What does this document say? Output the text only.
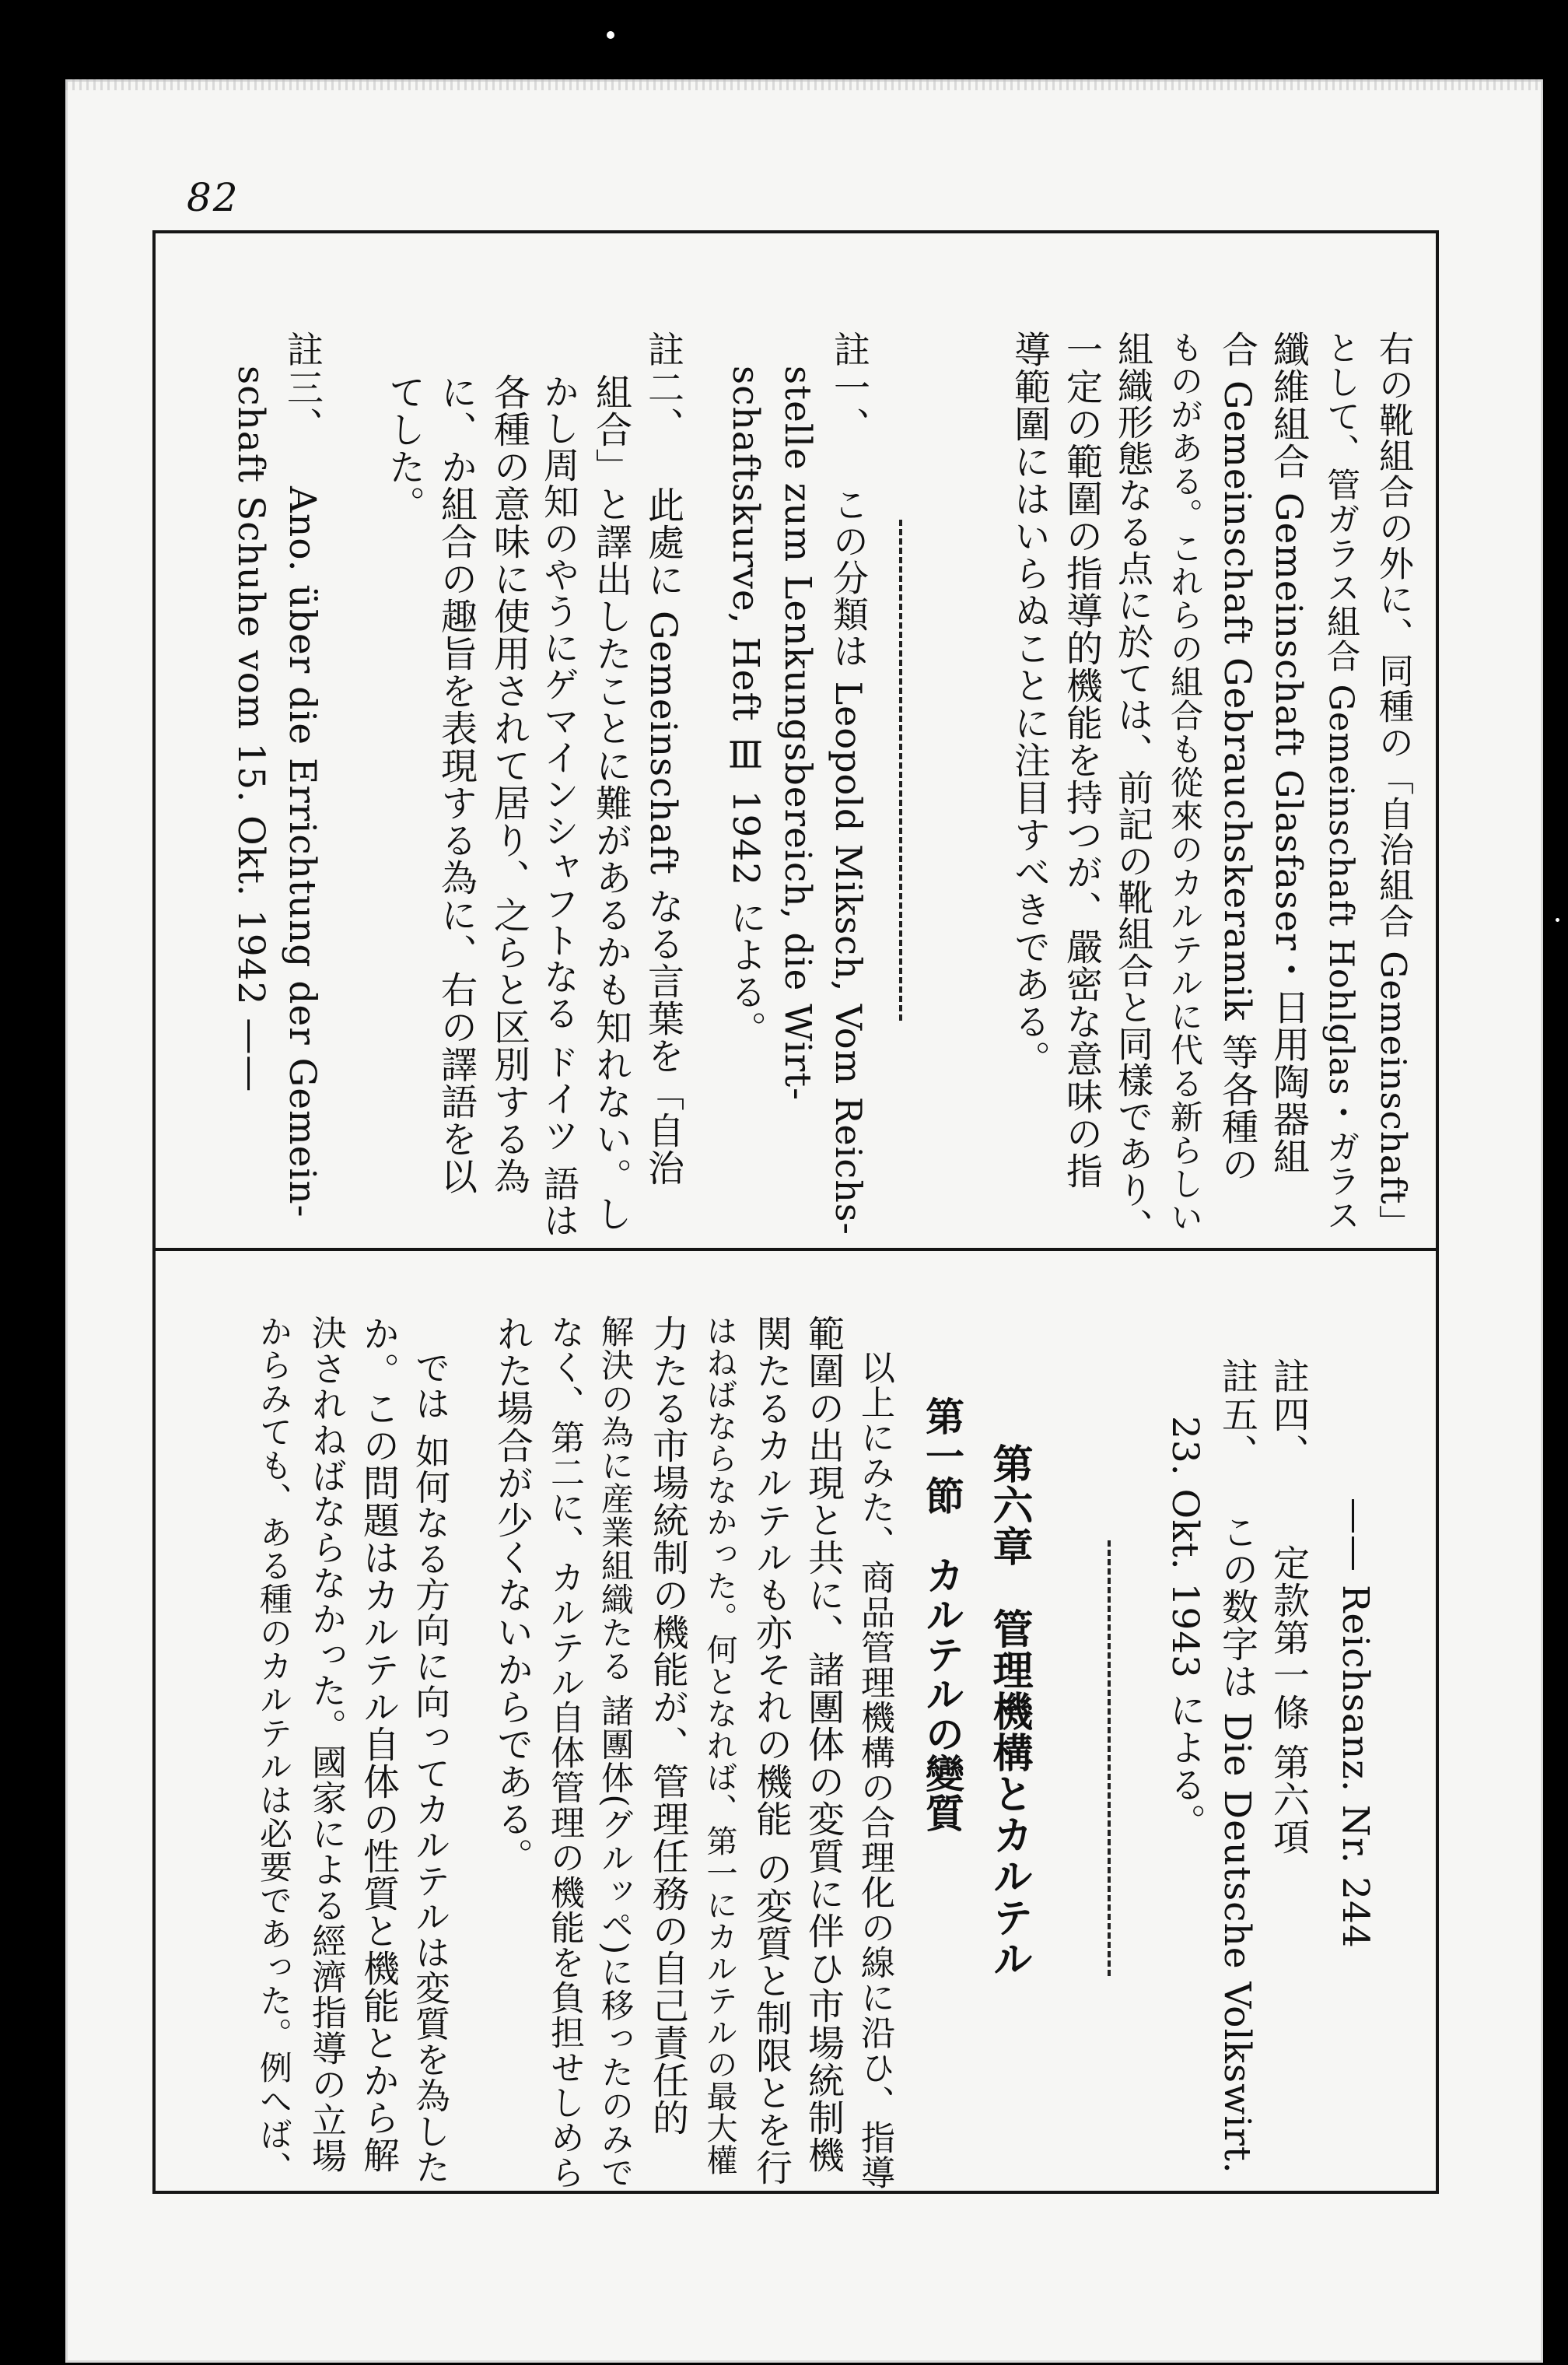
82
右の靴組合の外に、同種の「自治組合 Gemeinschaft」
として、管ガラス組合 Gemeinschaft Hohlglas・ガラス
纖維組合 Gemeinschaft Glasfaser・日用陶器組
合 Gemeinschaft Gebrauchskeramik 等各種の
ものがある。これらの組合も從來のカルテルに代る新らしい
組織形態なる点に於ては、前記の靴組合と同樣であり、
一定の範圍の指導的機能を持つが、嚴密な意味の指
導範圍にはいらぬことに注目すべきである。
註一、
この分類は Leopold Miksch, Vom Reichs-
stelle zum Lenkungsbereich, die Wirt-
schaftskurve, Heft Ⅲ 1942 による。
註二、
此處に Gemeinschaft なる言葉を「自治
組合」と譯出したことに難があるかも知れない。し
かし周知のやうにゲマインシャフトなる ドイツ 語は
各種の意味に使用されて居り、之らと区別する為
に、か組合の趣旨を表現する為に、右の譯語を以
てした。
註三、
Ano. über die Errichtung der Gemein-
schaft Schuhe vom 15. Okt. 1942 ——
—— Reichsanz. Nr. 244
註四、
定款第一條 第六項
註五、
この数字は Die Deutsche Volkswirt.
23. Okt. 1943 による。
第六章　管理機構とカルテル
第一節　カルテルの變質
以上にみた、商品管理機構の合理化の線に沿ひ、指導
範圍の出現と共に、諸團体の変質に伴ひ市場統制機
関たるカルテルも亦それの機能 の変質と制限とを行
はねばならなかった。何となれば、第一にカルテルの最大權
力たる市場統制の機能が、管理任務の自己責任的
解決の為に産業組織たる 諸團体(グルッペ)に移ったのみで
なく、第二に、カルテル自体管理の機能を負担せしめら
れた場合が少くないからである。
では 如何なる方向に向ってカルテルは変質を為した
か。この問題はカルテル自体の性質と機能とから解
決されねばならなかった。國家による經濟指導の立場
からみても、ある種のカルテルは必要であった。例へば、
